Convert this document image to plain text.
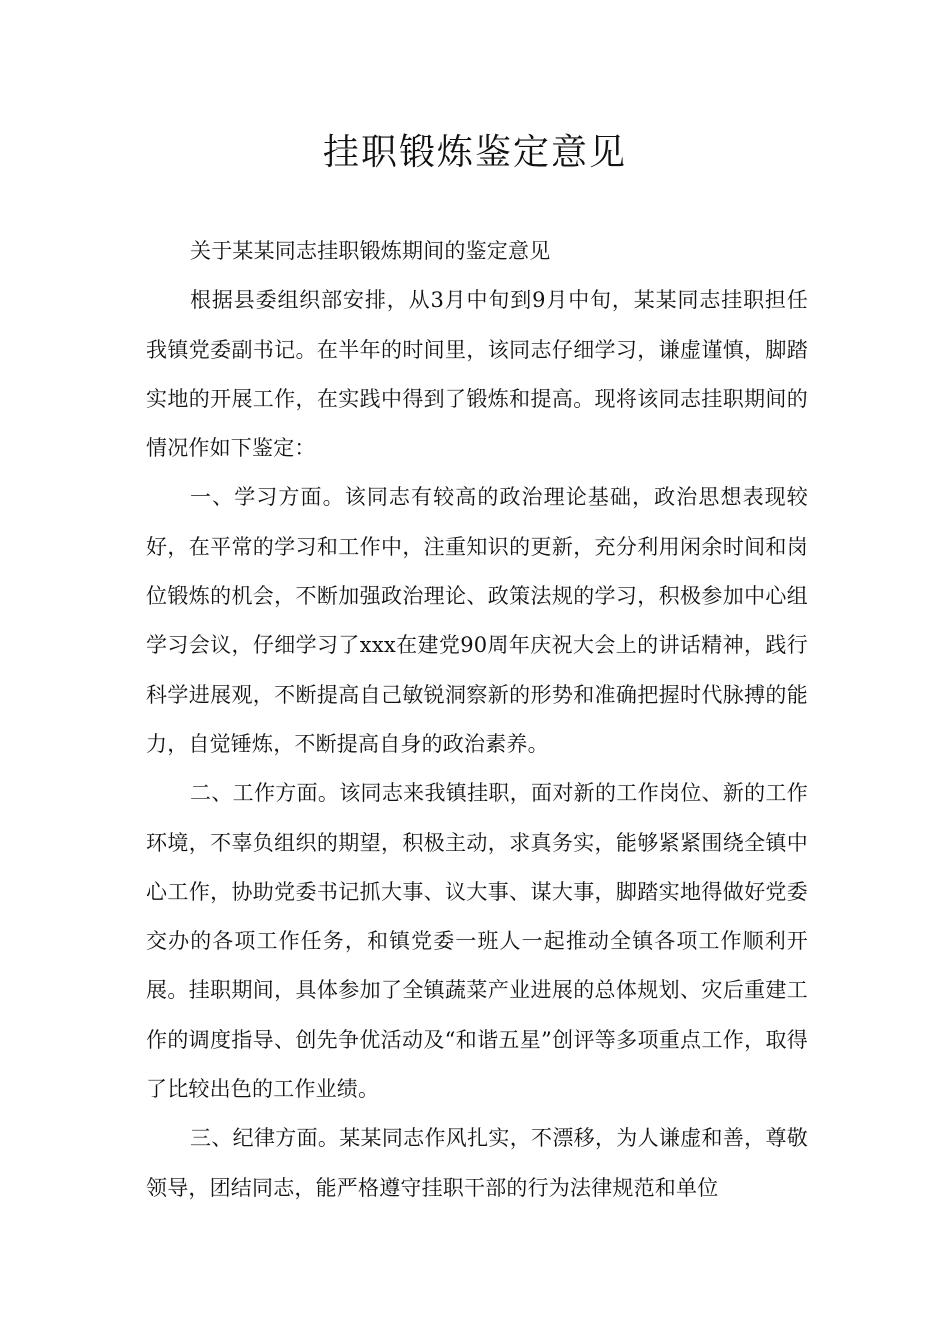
挂职锻炼鉴定意见

关于某某同志挂职锻炼期间的鉴定意见

根据县委组织部安排，从3月中旬到9月中旬，某某同志挂职担任我镇党委副书记。在半年的时间里，该同志仔细学习，谦虚谨慎，脚踏实地的开展工作，在实践中得到了锻炼和提高。现将该同志挂职期间的情况作如下鉴定：

一、学习方面。该同志有较高的政治理论基础，政治思想表现较好，在平常的学习和工作中，注重知识的更新，充分利用闲余时间和岗位锻炼的机会，不断加强政治理论、政策法规的学习，积极参加中心组学习会议，仔细学习了xxx在建党90周年庆祝大会上的讲话精神，践行科学进展观，不断提高自己敏锐洞察新的形势和准确把握时代脉搏的能力，自觉锤炼，不断提高自身的政治素养。

二、工作方面。该同志来我镇挂职，面对新的工作岗位、新的工作环境，不辜负组织的期望，积极主动，求真务实，能够紧紧围绕全镇中心工作，协助党委书记抓大事、议大事、谋大事，脚踏实地得做好党委交办的各项工作任务，和镇党委一班人一起推动全镇各项工作顺利开展。挂职期间，具体参加了全镇蔬菜产业进展的总体规划、灾后重建工作的调度指导、创先争优活动及“和谐五星”创评等多项重点工作，取得了比较出色的工作业绩。

三、纪律方面。某某同志作风扎实，不漂移，为人谦虚和善，尊敬领导，团结同志，能严格遵守挂职干部的行为法律规范和单位
